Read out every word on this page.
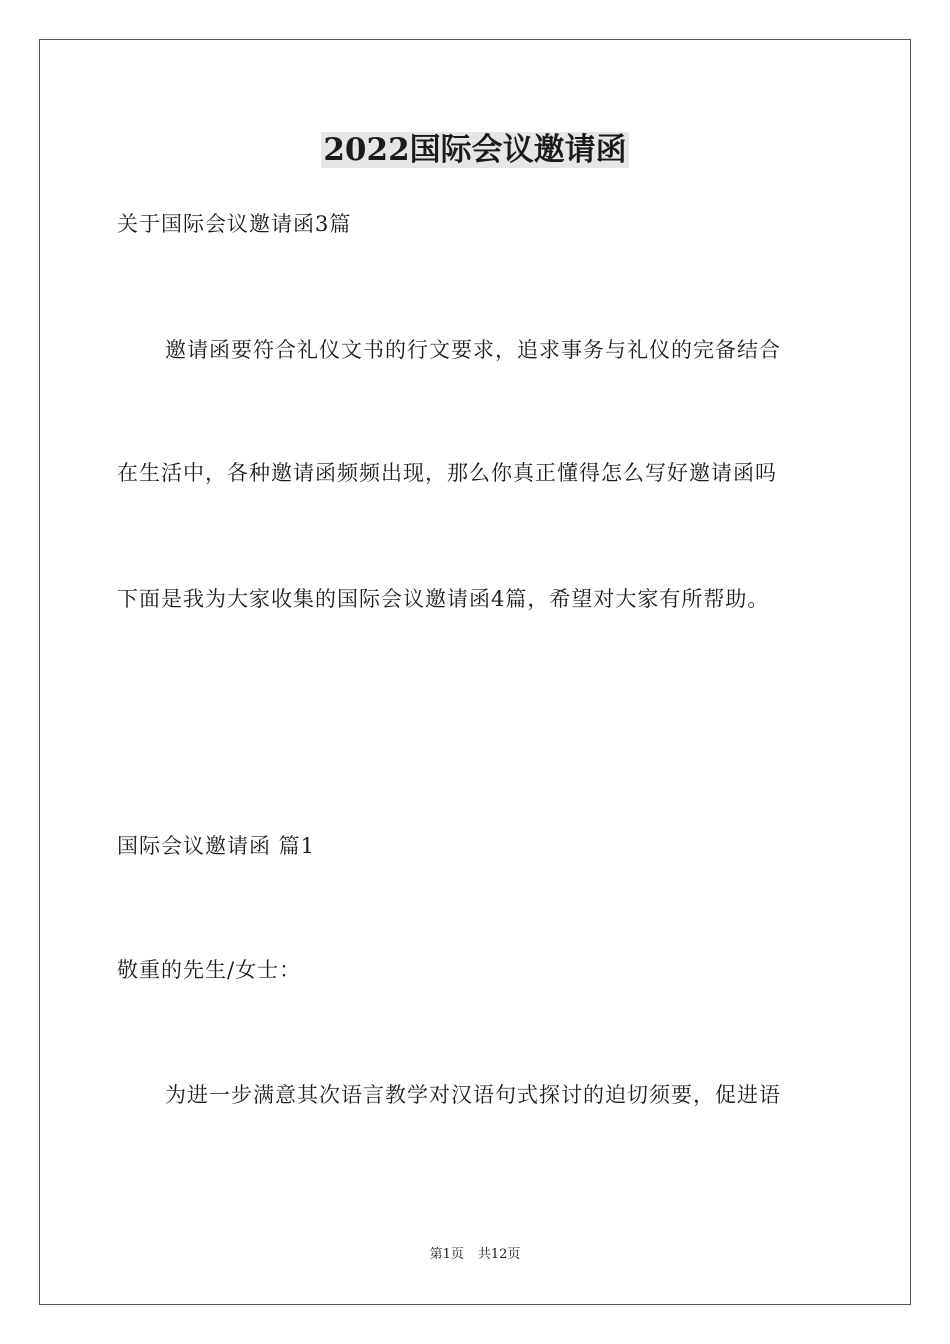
2022国际会议邀请函
关于国际会议邀请函3篇
邀请函要符合礼仪文书的行文要求，追求事务与礼仪的完备结合
在生活中，各种邀请函频频出现，那么你真正懂得怎么写好邀请函吗
下面是我为大家收集的国际会议邀请函4篇，希望对大家有所帮助。
国际会议邀请函 篇1
敬重的先生/女士：
为进一步满意其次语言教学对汉语句式探讨的迫切须要，促进语
第1页 共12页
